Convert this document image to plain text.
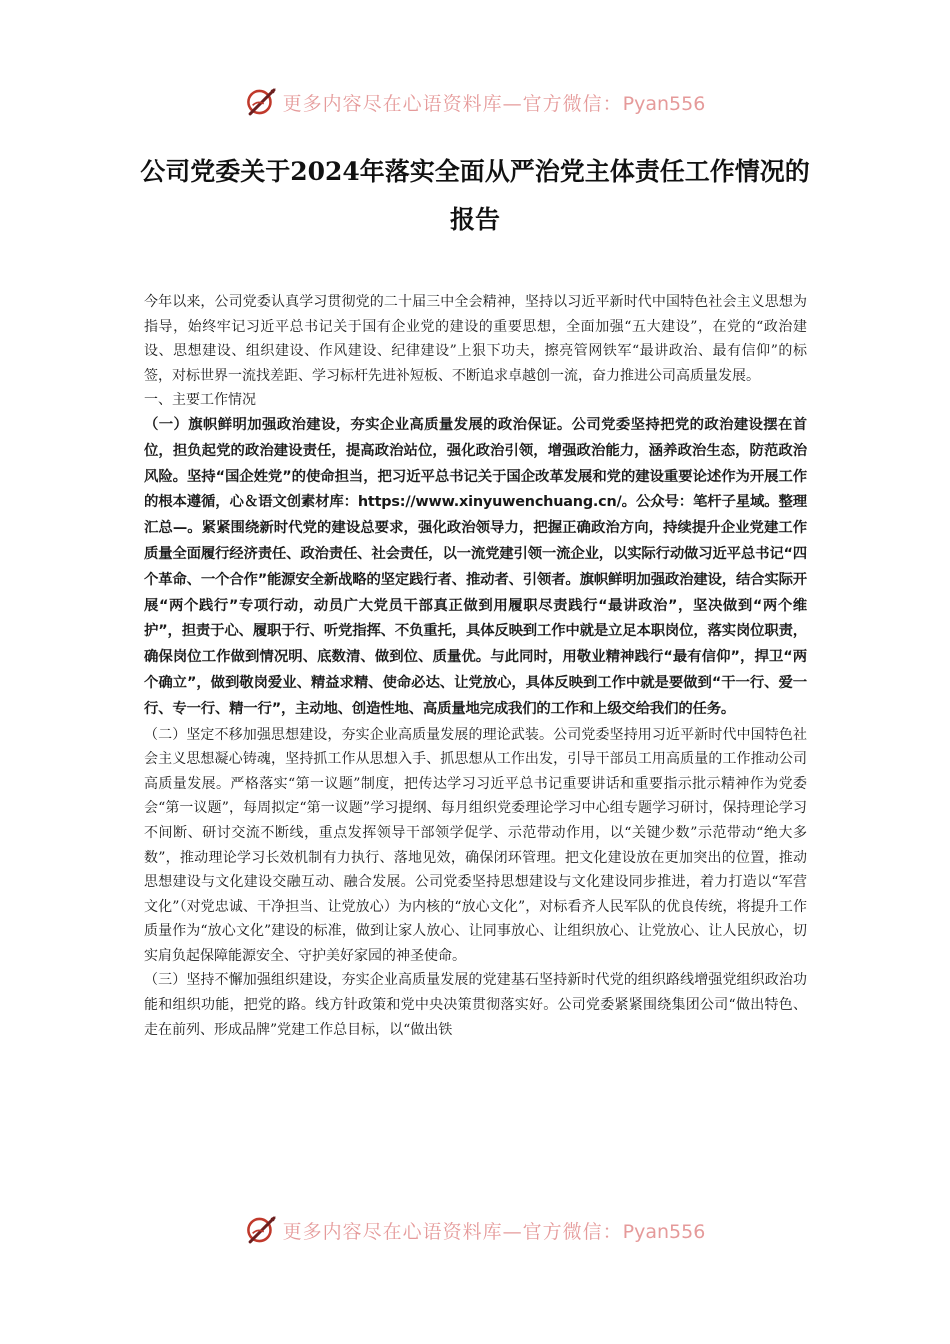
更多内容尽在心语资料库—官方微信：Pyan556
公司党委关于2024年落实全面从严治党主体责任工作情况的报告

今年以来，公司党委认真学习贯彻党的二十届三中全会精神，坚持以习近平新时代中国特色社会主义思想为指导，始终牢记习近平总书记关于国有企业党的建设的重要思想，全面加强“五大建设”，在党的“政治建设、思想建设、组织建设、作风建设、纪律建设”上狠下功夫，擦亮管网铁军“最讲政治、最有信仰”的标签，对标世界一流找差距、学习标杆先进补短板、不断追求卓越创一流，奋力推进公司高质量发展。

一、主要工作情况

（一）旗帜鲜明加强政治建设，夯实企业高质量发展的政治保证。公司党委坚持把党的政治建设摆在首位，担负起党的政治建设责任，提高政治站位，强化政治引领，增强政治能力，涵养政治生态，防范政治风险。坚持“国企姓党”的使命担当，把习近平总书记关于国企改革发展和党的建设重要论述作为开展工作的根本遵循，心＆语文创素材库：https://www.xinyuwenchuang.cn/。公众号：笔杆子星域。整理汇总—。紧紧围绕新时代党的建设总要求，强化政治领导力，把握正确政治方向，持续提升企业党建工作质量全面履行经济责任、政治责任、社会责任，以一流党建引领一流企业，以实际行动做习近平总书记“四个革命、一个合作”能源安全新战略的坚定践行者、推动者、引领者。旗帜鲜明加强政治建设，结合实际开展“两个践行”专项行动，动员广大党员干部真正做到用履职尽责践行“最讲政治”，坚决做到“两个维护”，担责于心、履职于行、听党指挥、不负重托，具体反映到工作中就是立足本职岗位，落实岗位职责，确保岗位工作做到情况明、底数清、做到位、质量优。与此同时，用敬业精神践行“最有信仰”，捍卫“两个确立”，做到敬岗爱业、精益求精、使命必达、让党放心，具体反映到工作中就是要做到“干一行、爱一行、专一行、精一行”，主动地、创造性地、高质量地完成我们的工作和上级交给我们的任务。

（二）坚定不移加强思想建设，夯实企业高质量发展的理论武装。公司党委坚持用习近平新时代中国特色社会主义思想凝心铸魂，坚持抓工作从思想入手、抓思想从工作出发，引导干部员工用高质量的工作推动公司高质量发展。严格落实“第一议题”制度，把传达学习习近平总书记重要讲话和重要指示批示精神作为党委会“第一议题”，每周拟定“第一议题”学习提纲、每月组织党委理论学习中心组专题学习研讨，保持理论学习不间断、研讨交流不断线，重点发挥领导干部领学促学、示范带动作用，以“关键少数”示范带动“绝大多数”，推动理论学习长效机制有力执行、落地见效，确保闭环管理。把文化建设放在更加突出的位置，推动思想建设与文化建设交融互动、融合发展。公司党委坚持思想建设与文化建设同步推进，着力打造以“军营文化”（对党忠诚、干净担当、让党放心）为内核的“放心文化”，对标看齐人民军队的优良传统，将提升工作质量作为“放心文化”建设的标准，做到让家人放心、让同事放心、让组织放心、让党放心、让人民放心，切实肩负起保障能源安全、守护美好家园的神圣使命。

（三）坚持不懈加强组织建设，夯实企业高质量发展的党建基石坚持新时代党的组织路线增强党组织政治功能和组织功能，把党的路。线方针政策和党中央决策贯彻落实好。公司党委紧紧围绕集团公司“做出特色、走在前列、形成品牌”党建工作总目标，以“做出铁

更多内容尽在心语资料库—官方微信：Pyan556
